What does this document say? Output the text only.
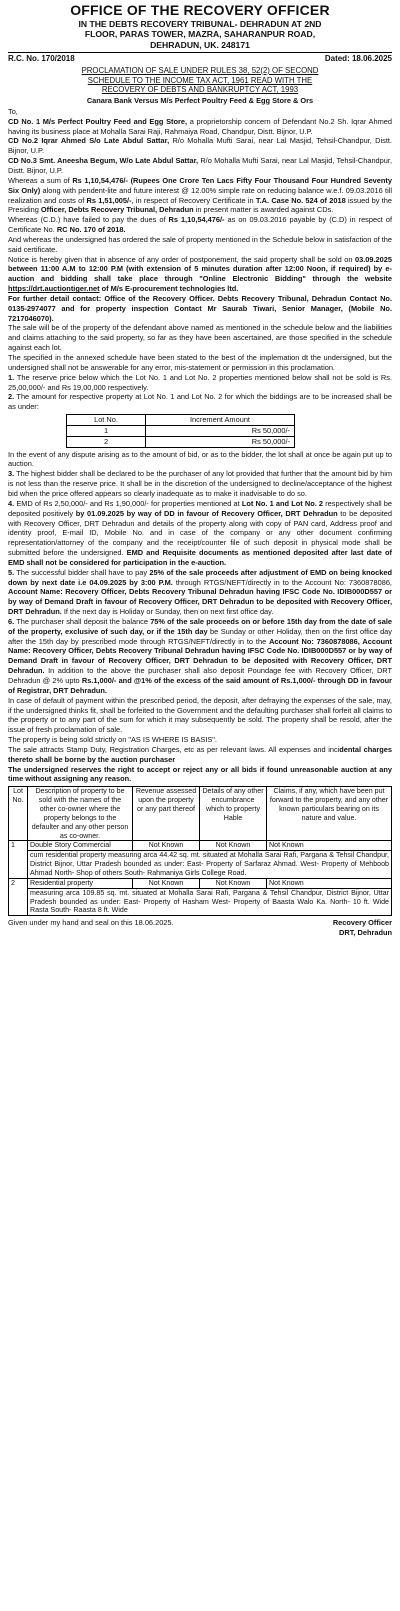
OFFICE OF THE RECOVERY OFFICER
IN THE DEBTS RECOVERY TRIBUNAL- DEHRADUN AT 2ND
FLOOR, PARAS TOWER, MAZRA, SAHARANPUR ROAD,
DEHRADUN, UK. 248171
R.C. No. 170/2018	Dated: 18.06.2025
PROCLAMATION OF SALE UNDER RULES 38, 52(2) OF SECOND
SCHEDULE TO THE INCOME TAX ACT, 1961 READ WITH THE
RECOVERY OF DEBTS AND BANKRUPTCY ACT, 1993
Canara Bank Versus M/s Perfect Poultry Feed & Egg Store & Ors

To,

CD No. 1 M/s Perfect Poultry Feed and Egg Store, a proprietorship concern of Defendant No.2 Sh. Iqrar Ahmed having its business place at Mohalla Sarai Raji, Rahmaiya Road, Chandpur, Distt. Bijnor, U.P.

CD No.2 Iqrar Ahmed S/o Late Abdul Sattar, R/o Mohalla Mufti Sarai, near Lal Masjid, Tehsil-Chandpur, Distt. Bijnor, U.P.

CD No.3 Smt. Aneesha Begum, W/o Late Abdul Sattar, R/o Mohalla Mufti Sarai, near Lal Masjid, Tehsil-Chandpur, Distt. Bijnor, U.P.

Whereas a sum of Rs 1,10,54,476/- (Rupees One Crore Ten Lacs Fifty Four Thousand Four Hundred Seventy Six Only) along with pendent-lite and future interest @ 12.00% simple rate on reducing balance w.e.f. 09.03.2016 till realization and costs of Rs 1,51,005/-, in respect of Recovery Certificate in T.A. Case No. 524 of 2018 issued by the Presiding Officer, Debts Recovery Tribunal, Dehradun in present matter is awarded against CDs.

Whereas (C.D.) have failed to pay the dues of Rs 1,10,54,476/- as on 09.03.2016 payable by (C.D) in respect of Certificate No. RC No. 170 of 2018.

And whereas the undersigned has ordered the sale of property mentioned in the Schedule below in satisfaction of the said certificate.

Notice is hereby given that in absence of any order of postponement, the said property shall be sold on 03.09.2025 between 11:00 A.M to 12:00 P.M (with extension of 5 minutes duration after 12:00 Noon, if required) by e-auction and bidding shall take place through "Online Electronic Bidding" through the website https://drt.auctiontiger.net of M/s E-procurement technologies ltd.

For further detail contact: Office of the Recovery Officer. Debts Recovery Tribunal, Dehradun Contact No. 0135-2974077 and for property inspection Contact Mr Saurab Tiwari, Senior Manager, (Mobile No. 7217046070).

The sale will be of the property of the defendant above named as mentioned in the schedule below and the liabilities and claims attaching to the said property, so far as they have been ascertained, are those specified in the schedule against each lot.

The specified in the annexed schedule have been stated to the best of the implemation dt the undersigned, but the undersigned shall not be answerable for any error, mis-statement or permission in this proclamation.

1. The reserve price below which the Lot No. 1 and Lot No. 2 properties mentioned below shall not be sold is Rs. 25,00,000/- and Rs 19,00,000 respectively.

2. The amount for respective property at Lot No. 1 and Lot No. 2 for which the biddings are to be increased shall be as under:

Lot No.	Increment Amount
1	Rs 50,000/-
2	Rs 50,000/-

In the event of any dispute arising as to the amount of bid, or as to the bidder, the lot shall at once be again put up to auction.

3. The highest bidder shall be declared to be the purchaser of any lot provided that further that the amount bid by him is not less than the reserve price. It shall be in the discretion of the undersigned to decline/acceptance of the highest bid when the price offered appears so clearly inadequate as to make it inadvisable to do so.

4. EMD of Rs 2,50,000/- and Rs 1,90,000/- for properties mentioned at Lot No. 1 and Lot No. 2 respectively shall be deposited positively by 01.09.2025 by way of DD in favour of Recovery Officer, DRT Dehradun to be deposited with Recovery Officer, DRT Dehradun and details of the property along with copy of PAN card, Address proof and identity proof, E-mail ID, Mobile No. and in case of the company or any other document confirming representation/attorney of the company and the receipt/counter file of such deposit in physical mode shall be submitted before the undersigned. EMD and Requisite documents as mentioned deposited after last date of EMD shall not be considered for participation in the e-auction.

5. The successful bidder shall have to pay 25% of the sale proceeds after adjustment of EMD on being knocked down by next date i.e 04.09.2025 by 3:00 P.M. through RTGS/NEFT/directly in to the Account No: 7360878086, Account Name: Recovery Officer, Debts Recovery Tribunal Dehradun having IFSC Code No. IDIB000D557 or by way of Demand Draft in favour of Recovery Officer, DRT Dehradun to be deposited with Recovery Officer, DRT Dehradun. If the next day is Holiday or Sunday, then on next first office day.

6. The purchaser shall deposit the balance 75% of the sale proceeds on or before 15th day from the date of sale of the property, exclusive of such day, or if the 15th day be Sunday or other Holiday, then on the first office day after the 15th day by prescribed mode through RTGS/NEFT/directly in to the Account No: 7360878086, Account Name: Recovery Officer, Debts Recovery Tribunal Dehradun having IFSC Code No. IDIB000D557 or by way of Demand Draft in favour of Recovery Officer, DRT Dehradun to be deposited with Recovery Officer, DRT Dehradun. In addition to the above the purchaser shall also deposit Poundage fee with Recovery Officer, DRT Dehradun @ 2% upto Rs.1,000/- and @1% of the excess of the said amount of Rs.1,000/- through DD in favour of Registrar, DRT Dehradun.

In case of default of payment within the prescribed period, the deposit, after defraying the expenses of the sale, may, if the undersigned thinks fit, shall be forfeited to the Government and the defaulting purchaser shall forfeit all claims to the property or to any part of the sum for which it may subsequently be sold. The property shall be resold, after the issue of fresh proclamation of sale.

The property is being sold strictly on "AS IS WHERE IS BASIS".

The sale attracts Stamp Duty, Registration Charges, etc as per relevant laws. All expenses and incidental charges thereto shall be borne by the auction purchaser

The undersigned reserves the right to accept or reject any or all bids if found unreasonable auction at any time without assigning any reason.

Lot No.	Description of property to be sold with the names of the other co-owner where the property belongs to the defaulter and any other person as co-owner.	Revenue assessed upon the property or any part thereof	Details of any other encumbrance which to property Hable	Claims, if any, which have been put forward to the property, and any other known particulars bearing on its nature and value.
1	Double Story Commercial	Not Known	Not Known	Not Known
	cum residential property measuring arca 44.42 sq. mt. situated at Mohalla Sarai Rafi, Pargana & Tehsil Chandpur, District Bijnor, Uttar Pradesh bounded as under: East- Property of Sarfaraz Ahmad. West- Property of Mehboob Ahmad North- Shop of others South- Rahmaniya Girls College Road.			
2	Residential property	Not Known	Not Known	Not Known
	measuring arca 109.85 sq. mt. situated at Mohalla Sarai Rafi, Pargana & Tehsil Chandpur, District Bijnor, Uttar Pradesh bounded as under: East- Property of Hasham West- Property of Baasta Walo Ka. North- 10 ft. Wide Rasta South- Raasta 8 ft. Wide			
Given under my hand and seal on this 18.06.2025.	Recovery Officer
DRT, Dehradun
